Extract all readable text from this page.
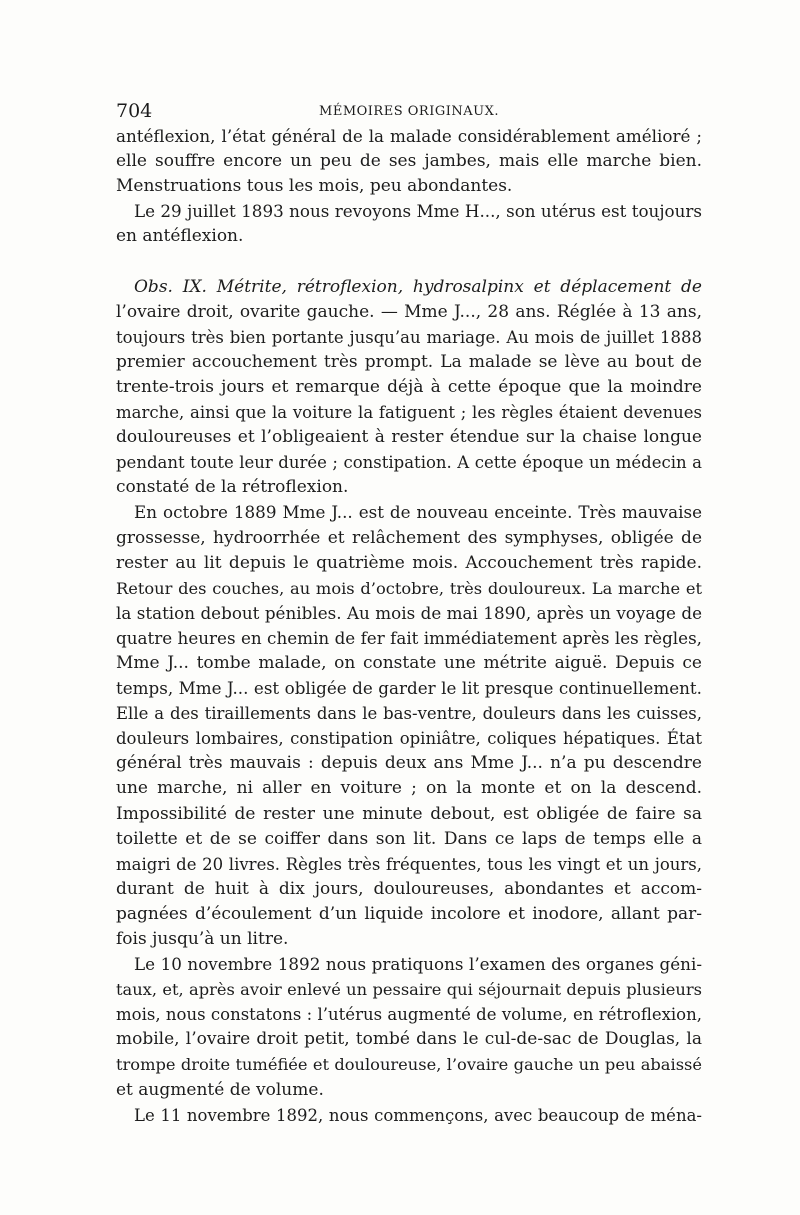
704	MÉMOIRES ORIGINAUX.
antéflexion, l’état général de la malade considérablement amélioré ;
elle souffre encore un peu de ses jambes, mais elle marche bien.
Menstruations tous les mois, peu abondantes.
Le 29 juillet 1893 nous revoyons Mme H..., son utérus est toujours
en antéflexion.
Obs. IX. Métrite, rétroflexion, hydrosalpinx et déplacement de
l’ovaire droit, ovarite gauche. — Mme J..., 28 ans. Réglée à 13 ans,
toujours très bien portante jusqu’au mariage. Au mois de juillet 1888
premier accouchement très prompt. La malade se lève au bout de
trente-trois jours et remarque déjà à cette époque que la moindre
marche, ainsi que la voiture la fatiguent ; les règles étaient devenues
douloureuses et l’obligeaient à rester étendue sur la chaise longue
pendant toute leur durée ; constipation. A cette époque un médecin a
constaté de la rétroflexion.
En octobre 1889 Mme J... est de nouveau enceinte. Très mauvaise
grossesse, hydroorrhée et relâchement des symphyses, obligée de
rester au lit depuis le quatrième mois. Accouchement très rapide.
Retour des couches, au mois d’octobre, très douloureux. La marche et
la station debout pénibles. Au mois de mai 1890, après un voyage de
quatre heures en chemin de fer fait immédiatement après les règles,
Mme J... tombe malade, on constate une métrite aiguë. Depuis ce
temps, Mme J... est obligée de garder le lit presque continuellement.
Elle a des tiraillements dans le bas-ventre, douleurs dans les cuisses,
douleurs lombaires, constipation opiniâtre, coliques hépatiques. État
général très mauvais : depuis deux ans Mme J... n’a pu descendre
une marche, ni aller en voiture ; on la monte et on la descend.
Impossibilité de rester une minute debout, est obligée de faire sa
toilette et de se coiffer dans son lit. Dans ce laps de temps elle a
maigri de 20 livres. Règles très fréquentes, tous les vingt et un jours,
durant de huit à dix jours, douloureuses, abondantes et accom-
pagnées d’écoulement d’un liquide incolore et inodore, allant par-
fois jusqu’à un litre.
Le 10 novembre 1892 nous pratiquons l’examen des organes géni-
taux, et, après avoir enlevé un pessaire qui séjournait depuis plusieurs
mois, nous constatons : l’utérus augmenté de volume, en rétroflexion,
mobile, l’ovaire droit petit, tombé dans le cul-de-sac de Douglas, la
trompe droite tuméfiée et douloureuse, l’ovaire gauche un peu abaissé
et augmenté de volume.
Le 11 novembre 1892, nous commençons, avec beaucoup de ména-
